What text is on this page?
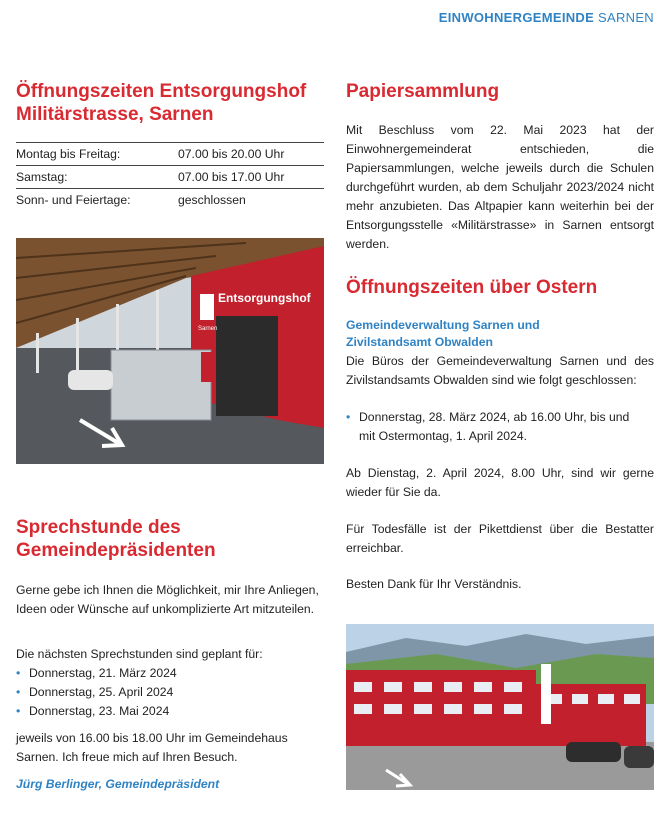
EINWOHNERGEMEINDE SARNEN
Öffnungszeiten Entsorgungshof Militärstrasse, Sarnen
Montag bis Freitag:	07.00 bis 20.00 Uhr
Samstag:	07.00 bis 17.00 Uhr
Sonn- und Feiertage:	geschlossen
Entsorgungshof
Sarnen
Sprechstunde des Gemeindepräsidenten

Gerne gebe ich Ihnen die Möglichkeit, mir Ihre Anliegen, Ideen oder Wünsche auf unkomplizierte Art mitzuteilen.

Die nächsten Sprechstunden sind geplant für:

• Donnerstag, 21. März 2024
• Donnerstag, 25. April 2024
• Donnerstag, 23. Mai 2024

jeweils von 16.00 bis 18.00 Uhr im Gemeindehaus Sarnen. Ich freue mich auf Ihren Besuch.

Jürg Berlinger, Gemeindepräsident
Papiersammlung

Mit Beschluss vom 22. Mai 2023 hat der Einwohnergemeinderat entschieden, die Papiersammlungen, welche jeweils durch die Schulen durchgeführt wurden, ab dem Schuljahr 2023/2024 nicht mehr anzubieten. Das Altpapier kann weiterhin bei der Entsorgungsstelle «Militärstrasse» in Sarnen entsorgt werden.

Öffnungszeiten über Ostern
Gemeindeverwaltung Sarnen und Zivilstandsamt Obwalden

Die Büros der Gemeindeverwaltung Sarnen und des Zivilstandsamts Obwalden sind wie folgt geschlossen:

• Donnerstag, 28. März 2024, ab 16.00 Uhr, bis und mit Ostermontag, 1. April 2024.

Ab Dienstag, 2. April 2024, 8.00 Uhr, sind wir gerne wieder für Sie da.

Für Todesfälle ist der Pikettdienst über die Bestatter erreichbar.

Besten Dank für Ihr Verständnis.
